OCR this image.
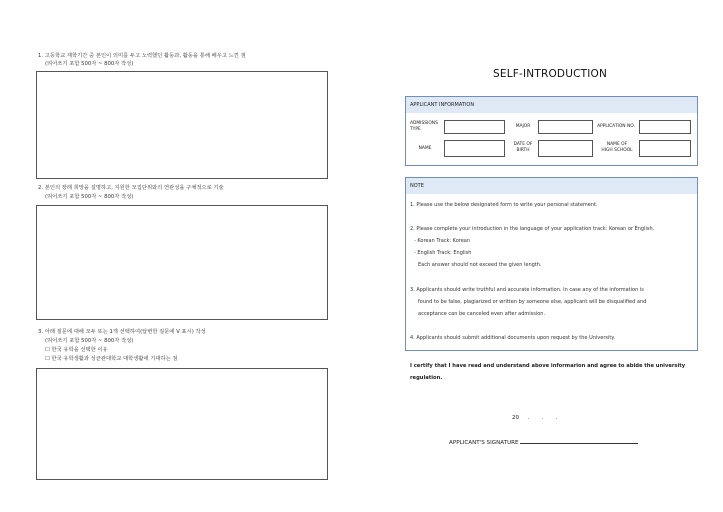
1. 고등학교 재학기간 중 본인이 의미를 두고 노력했던 활동과, 활동을 통해 배우고 느낀 점
(띄어쓰기 포함 500자 ~ 800자 작성)
2. 본인의 장래 희망을 설명하고, 지원한 모집단위와의 연관성을 구체적으로 기술
(띄어쓰기 포함 500자 ~ 800자 작성)
3. 아래 질문에 대해 모두 또는 1개 선택하여(답변한 질문에 V 표시) 작성
(띄어쓰기 포함 500자 ~ 800자 작성)
☐ 한국 유학을 선택한 이유
☐ 한국 유학생활과 성균관대학교 대학생활에 기대하는 점
SELF-INTRODUCTION
APPLICANT INFORMATION
ADMISSIONS
TYPE
MAJOR	APPLICATION NO.
NAME
DATE OF
BIRTH
NAME OF
HIGH SCHOOL
NOTE
1. Please use the below designated form to write your personal statement.
2. Please complete your introduction in the language of your application track: Korean or English.
- Korean Track: Korean
- English Track: English
Each answer should not exceed the given length.
3. Applicants should write truthful and accurate information. In case any of the information is
found to be false, plagiarized or written by someone else, applicant will be disqualified and
acceptance can be canceled even after admission.
4. Applicants should submit additional documents upon request by the University.
I certify that I have read and understand above informarion and agree to abide the university
regulation.
20     .       .       .
APPLICANT'S SIGNATURE
